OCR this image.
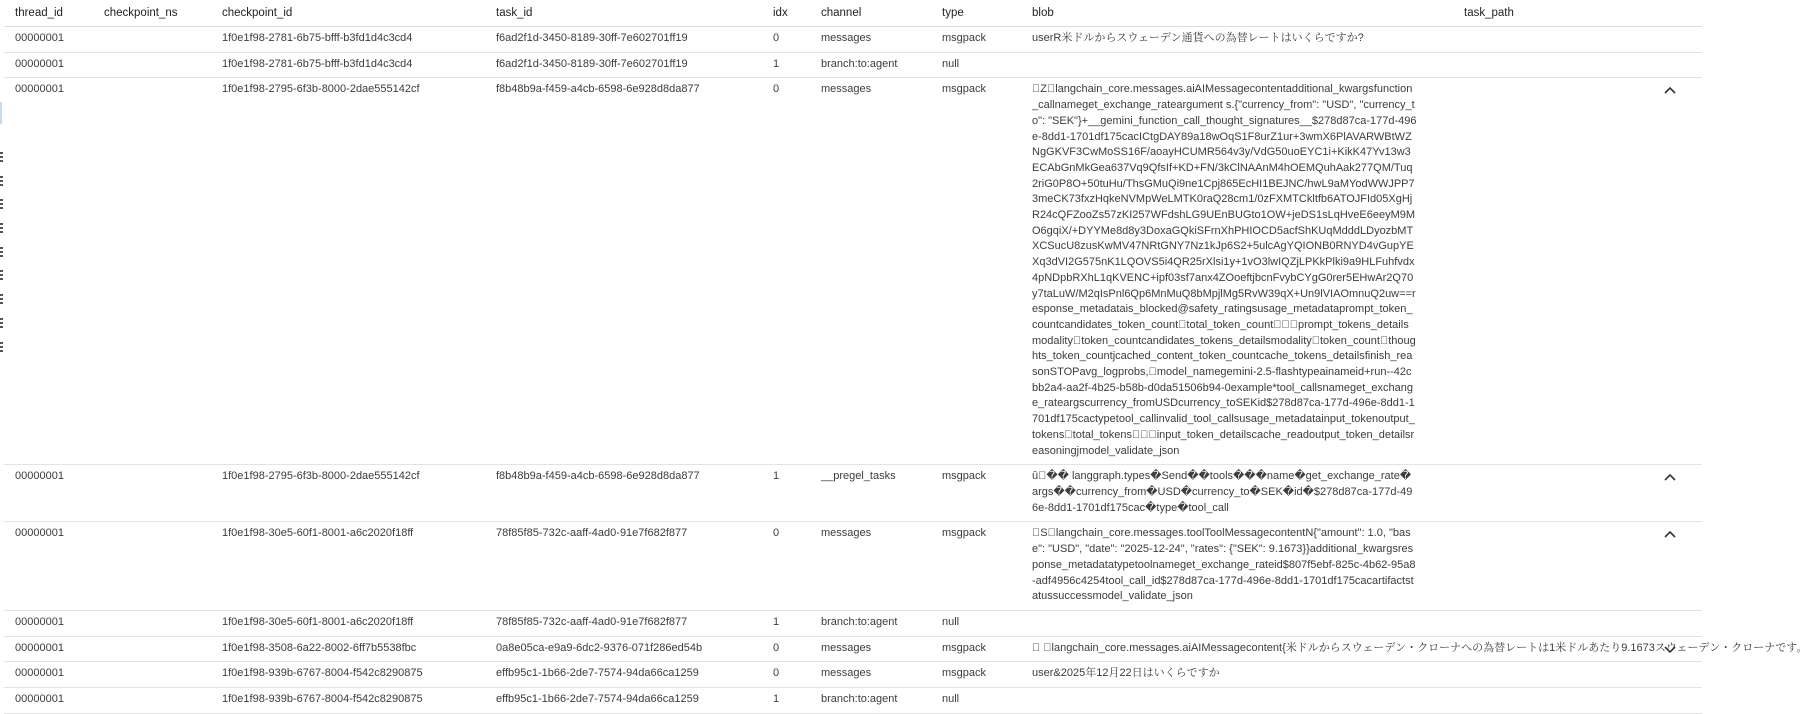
thread_id	checkpoint_ns	checkpoint_id	task_id	idx	channel	type	blob	task_path
00000001		1f0e1f98-2781-6b75-bfff-b3fd1d4c3cd4	f6ad2f1d-3450-8189-30ff-7e602701ff19	0	messages	msgpack	userR米ドルからスウェーデン通貨への為替レートはいくらですか?	
00000001		1f0e1f98-2781-6b75-bfff-b3fd1d4c3cd4	f6ad2f1d-3450-8189-30ff-7e602701ff19	1	branch:to:agent	null		
00000001		1f0e1f98-2795-6f3b-8000-2dae555142cf	f8b48b9a-f459-a4cb-6598-6e928d8da877	0	messages	msgpack	 Z langchain_core.messages.aiAIMessagecontentadditional_kwargsfunction_callnameget_exchange_rateargument s.{"currency_from": "USD", "currency_to": "SEK"}+__gemini_function_call_thought_signatures__$278d87ca-177d-496e-8dd1-1701df175cacICtgDAY89a18wOqS1F8urZ1ur+3wmX6PlAVARWBtWZNgGKVF3CwMoSS16F/aoayHCUMR564v3y/VdG50uoEYC1i+KikK47Yv13w3ECAbGnMkGea637Vq9QfsIf+KD+FN/3kClNAAnM4hOEMQuhAak277QM/Tuq2riG0P8O+50tuHu/ThsGMuQi9ne1Cpj865EcHI1BEJNC/hwL9aMYodWWJPP73meCK73fxzHqkeNVMpWeLMTK0raQ28cm1/0zFXMTCkltfb6ATOJFId05XgHjR24cQFZooZs57zKI257WFdshLG9UEnBUGto1OW+jeDS1sLqHveE6eeyM9MO6gqiX/+DYYMe8d8y3DoxaGQkiSFrnXhPHIOCD5acfShKUqMdddLDyozbMTXCSucU8zusKwMV47NRtGNY7Nz1kJp6S2+5ulcAgYQIONB0RNYD4vGupYEXq3dVI2G575nK1LQOVS5i4QR25rXlsi1y+1vO3lwIQZjLPKkPlki9a9HLFuhfvdx4pNDpbRXhL1qKVENC+ipf03sf7anx4ZOoeftjbcnFvybCYgG0rer5EHwAr2Q70y7taLuW/M2qIsPnl6Qp6MnMuQ8bMpjlMg5RvW39qX+Un9lVIAOmnuQ2uw==response_metadatais_blocked@safety_ratingsusage_metadataprompt_token_countcandidates_token_count total_token_count   prompt_tokens_detailsmodality token_countcandidates_tokens_detailsmodality token_count thoughts_token_countjcached_content_token_countcache_tokens_detailsfinish_reasonSTOPavg_logprobs, model_namegemini-2.5-flashtypeainameid+run--42cbb2a4-aa2f-4b25-b58b-d0da51506b94-0example*tool_callsnameget_exchange_rateargscurrency_fromUSDcurrency_toSEKid$278d87ca-177d-496e-8dd1-1701df175cactypetool_callinvalid_tool_callsusage_metadatainput_tokenoutput_tokens total_tokens   input_token_detailscache_readoutput_token_detailsreasoningjmodel_validate_json	

00000001		1f0e1f98-2795-6f3b-8000-2dae555142cf	f8b48b9a-f459-a4cb-6598-6e928d8da877	1	__pregel_tasks	msgpack	û �� langgraph.types�Send��tools���name�get_exchange_rate�args��currency_from�USD�currency_to�SEK�id�$278d87ca-177d-496e-8dd1-1701df175cac�type�tool_call	

00000001		1f0e1f98-30e5-60f1-8001-a6c2020f18ff	78f85f85-732c-aaff-4ad0-91e7f682f877	0	messages	msgpack	 S langchain_core.messages.toolToolMessagecontentN{"amount": 1.0, "base": "USD", "date": "2025-12-24", "rates": {"SEK": 9.1673}}additional_kwargsresponse_metadatatypetoolnameget_exchange_rateid$807f5ebf-825c-4b62-95a8-adf4956c4254tool_call_id$278d87ca-177d-496e-8dd1-1701df175cacartifactstatussuccessmodel_validate_json	

00000001		1f0e1f98-30e5-60f1-8001-a6c2020f18ff	78f85f85-732c-aaff-4ad0-91e7f682f877	1	branch:to:agent	null		
00000001		1f0e1f98-3508-6a22-8002-6ff7b5538fbc	0a8e05ca-e9a9-6dc2-9376-071f286ed54b	0	messages	msgpack	   langchain_core.messages.aiAIMessagecontent{米ドルからスウェーデン・クローナへの為替レートは1米ドルあたり9.1673スウェーデン・クローナです。	

00000001		1f0e1f98-939b-6767-8004-f542c8290875	effb95c1-1b66-2de7-7574-94da66ca1259	0	messages	msgpack	user&2025年12月22日はいくらですか	
00000001		1f0e1f98-939b-6767-8004-f542c8290875	effb95c1-1b66-2de7-7574-94da66ca1259	1	branch:to:agent	null		
